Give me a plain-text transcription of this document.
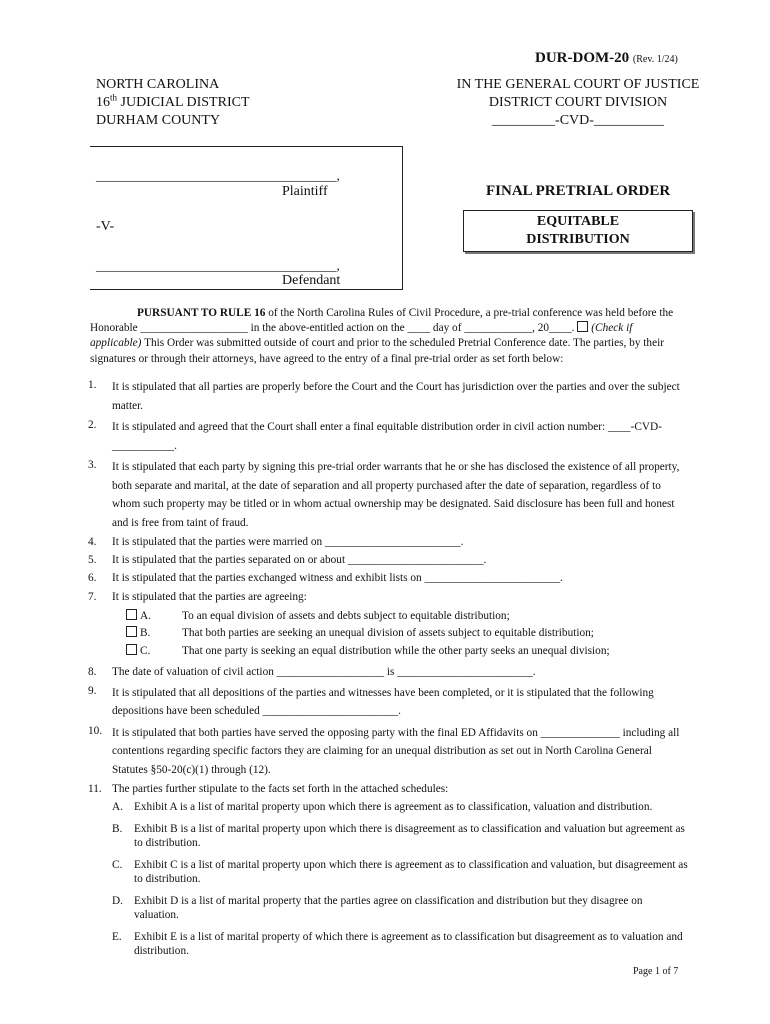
DUR-DOM-20 (Rev. 1/24)
NORTH CAROLINA
16th JUDICIAL DISTRICT
DURHAM COUNTY
IN THE GENERAL COURT OF JUSTICE
DISTRICT COURT DIVISION
_________-CVD-__________
_____________________________________,
Plaintiff
-V-
_____________________________________,
Defendant
FINAL PRETRIAL ORDER
EQUITABLE
DISTRIBUTION
PURSUANT TO RULE 16 of the North Carolina Rules of Civil Procedure, a pre-trial conference was held before the Honorable ___________________ in the above-entitled action on the ____ day of ____________, 20____. (Check if applicable) This Order was submitted outside of court and prior to the scheduled Pretrial Conference date. The parties, by their signatures or through their attorneys, have agreed to the entry of a final pre-trial order as set forth below:
1.	It is stipulated that all parties are properly before the Court and the Court has jurisdiction over the parties and over the subject matter.
2.	It is stipulated and agreed that the Court shall enter a final equitable distribution order in civil action number: ____-CVD-___________.
3.	It is stipulated that each party by signing this pre-trial order warrants that he or she has disclosed the existence of all property, both separate and marital, at the date of separation and all property purchased after the date of separation, regardless of to whom such property may be titled or in whom actual ownership may be designated. Said disclosure has been full and honest and is free from taint of fraud.
4.	It is stipulated that the parties were married on ________________________.
5.	It is stipulated that the parties separated on or about ________________________.
6.	It is stipulated that the parties exchanged witness and exhibit lists on ________________________.
7.	It is stipulated that the parties are agreeing:
A.	To an equal division of assets and debts subject to equitable distribution;
B.	That both parties are seeking an unequal division of assets subject to equitable distribution;
C.	That one party is seeking an equal distribution while the other party seeks an unequal division;
8.	The date of valuation of civil action ___________________ is ________________________.
9.	It is stipulated that all depositions of the parties and witnesses have been completed, or it is stipulated that the following depositions have been scheduled ________________________.
10. It is stipulated that both parties have served the opposing party with the final ED Affidavits on ______________ including all contentions regarding specific factors they are claiming for an unequal distribution as set out in North Carolina General Statutes §50-20(c)(1) through (12).
11. The parties further stipulate to the facts set forth in the attached schedules:
A. Exhibit A is a list of marital property upon which there is agreement as to classification, valuation and distribution.
B.	Exhibit B is a list of marital property upon which there is disagreement as to classification and valuation but agreement as to distribution.
C.	Exhibit C is a list of marital property upon which there is agreement as to classification and valuation, but disagreement as to distribution.
D. Exhibit D is a list of marital property that the parties agree on classification and distribution but they disagree on valuation.
E.	Exhibit E is a list of marital property of which there is agreement as to classification but disagreement as to valuation and distribution.
Page 1 of 7
